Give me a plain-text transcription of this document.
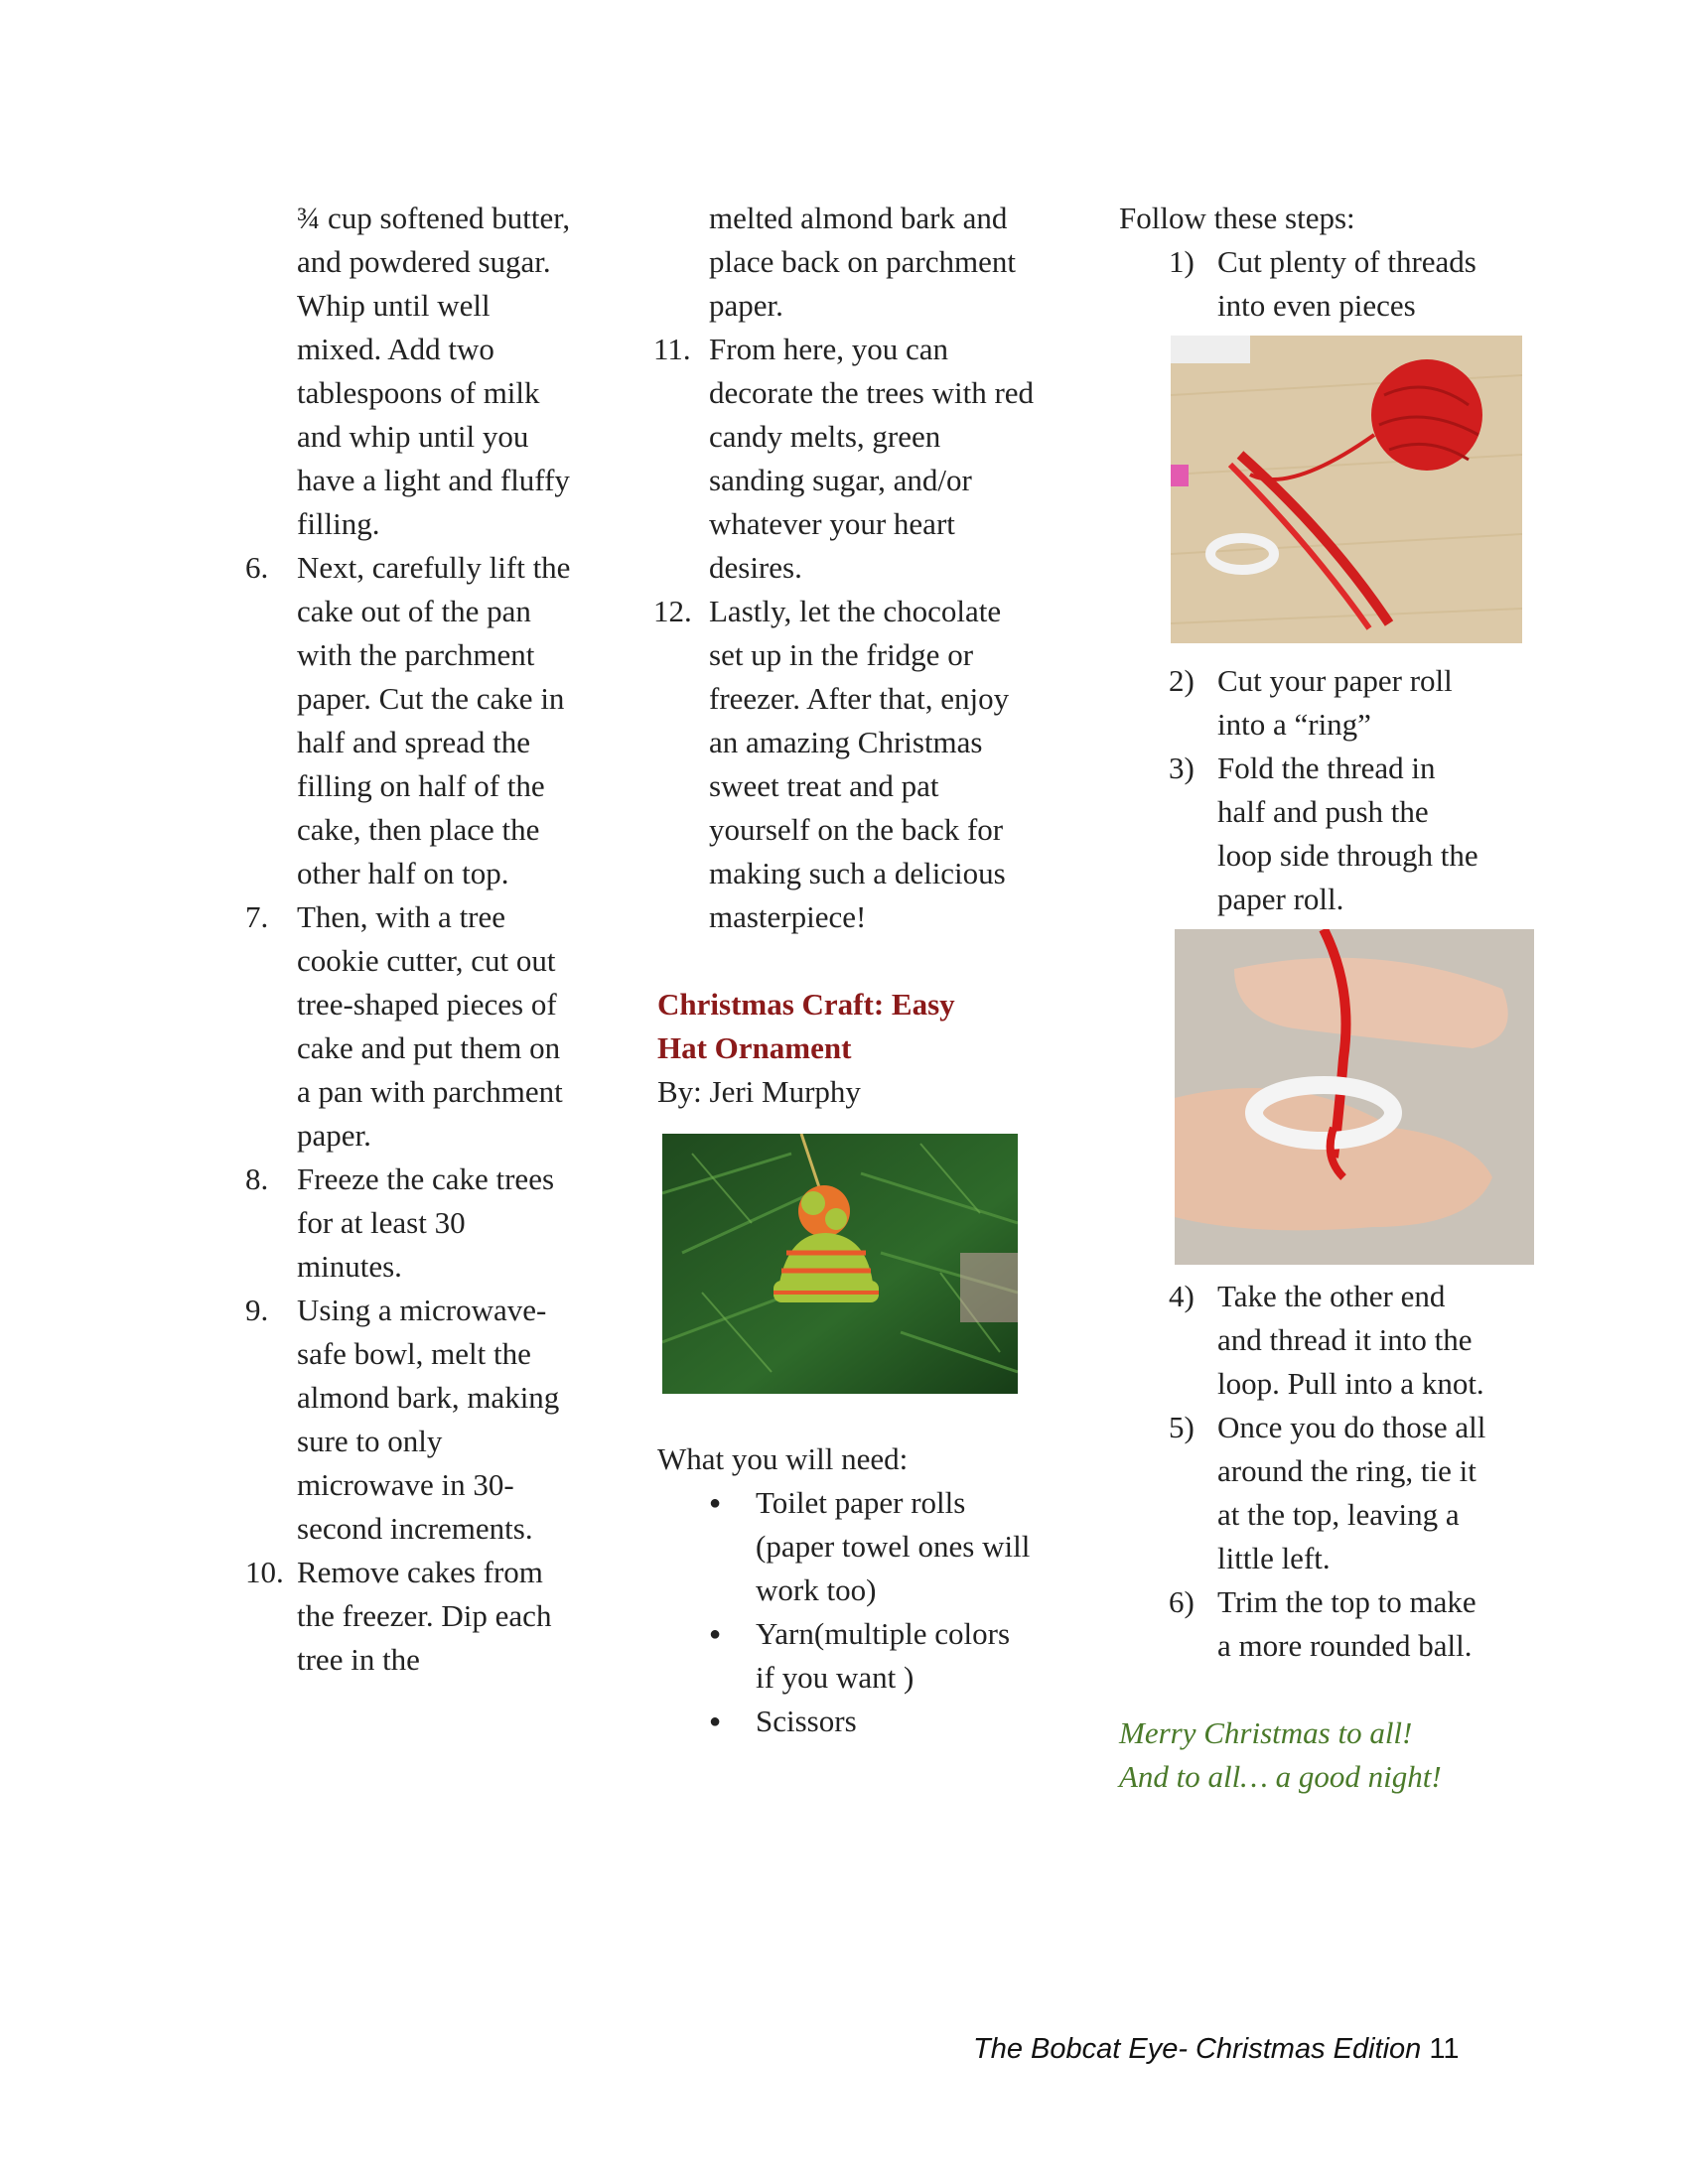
¾ cup softened butter, and powdered sugar. Whip until well mixed. Add two tablespoons of milk and whip until you have a light and fluffy filling.
6. Next, carefully lift the cake out of the pan with the parchment paper. Cut the cake in half and spread the filling on half of the cake, then place the other half on top.
7. Then, with a tree cookie cutter, cut out tree-shaped pieces of cake and put them on a pan with parchment paper.
8. Freeze the cake trees for at least 30 minutes.
9. Using a microwave-safe bowl, melt the almond bark, making sure to only microwave in 30-second increments.
10. Remove cakes from the freezer. Dip each tree in the
melted almond bark and place back on parchment paper.
11. From here, you can decorate the trees with red candy melts, green sanding sugar, and/or whatever your heart desires.
12. Lastly, let the chocolate set up in the fridge or freezer. After that, enjoy an amazing Christmas sweet treat and pat yourself on the back for making such a delicious masterpiece!
Christmas Craft: Easy Hat Ornament
By: Jeri Murphy
What you will need:
● Toilet paper rolls (paper towel ones will work too)
● Yarn(multiple colors if you want )
● Scissors
Follow these steps:
1) Cut plenty of threads into even pieces
2) Cut your paper roll into a “ring”
3) Fold the thread in half and push the loop side through the paper roll.
4) Take the other end and thread it into the loop. Pull into a knot.
5) Once you do those all around the ring, tie it at the top, leaving a little left.
6) Trim the top to make a more rounded ball.
Merry Christmas to all!
And to all… a good night!
The Bobcat Eye- Christmas Edition 11
